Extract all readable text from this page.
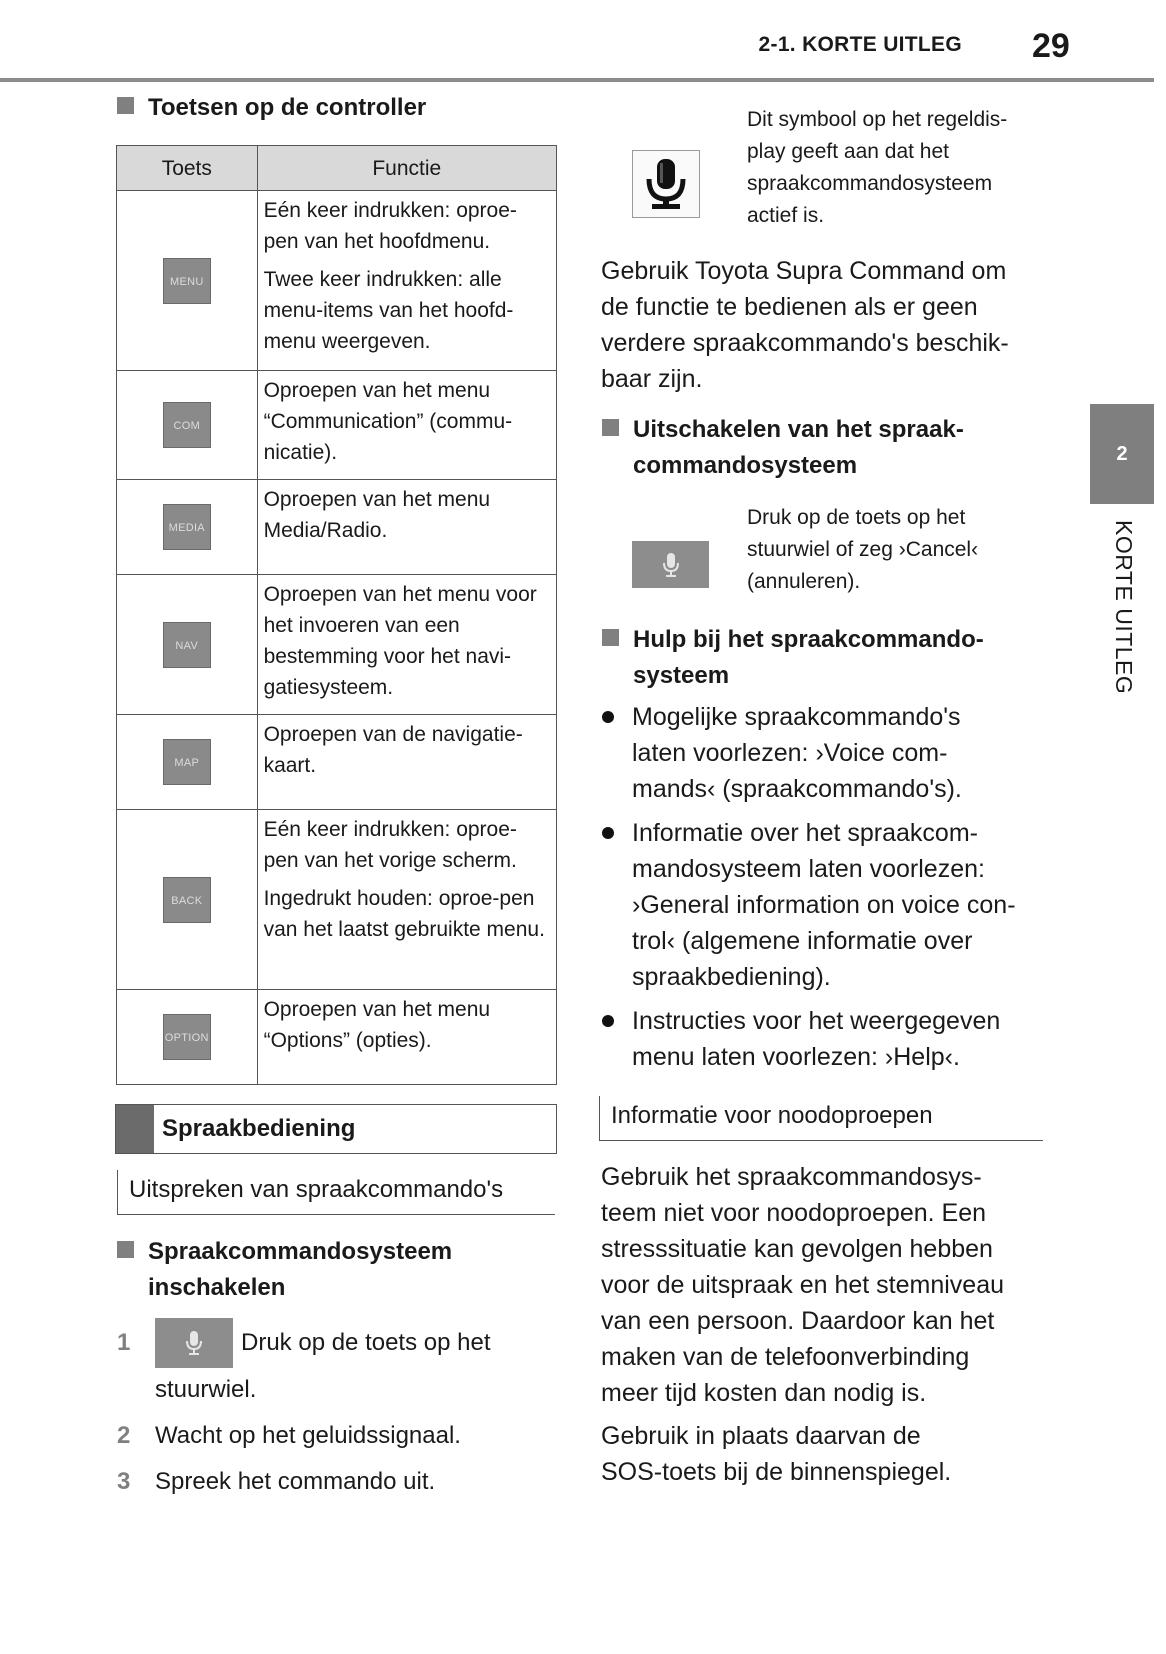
2-1. KORTE UITLEG 29
2
KORTE UITLEG

Toetsen op de controller

Toets	Functie
MENU	Eén keer indrukken: oproe-pen van het hoofdmenu.

Twee keer indrukken: alle menu-items van het hoofd-menu weergeven.

COM	Oproepen van het menu “Communication” (commu-nicatie).

MEDIA	Oproepen van het menu Media/Radio.

NAV	Oproepen van het menu voor het invoeren van een bestemming voor het navi-gatiesysteem.

MAP	Oproepen van de navigatie-kaart.

BACK	Eén keer indrukken: oproe-pen van het vorige scherm.

Ingedrukt houden: oproe-pen van het laatst gebruikte menu.

OPTION	Oproepen van het menu “Options” (opties).

Spraakbediening
Uitspreken van spraakcommando's

Spraakcommandosysteem

inschakelen

1	Druk op de toets op het
stuurwiel.
2 Wacht op het geluidssignaal.
3 Spreek het commando uit.
Dit symbool op het regeldis-
play geeft aan dat het
spraakcommandosysteem
actief is.
Gebruik Toyota Supra Command om
de functie te bedienen als er geen
verdere spraakcommando's beschik-
baar zijn.

Uitschakelen van het spraak-

commandosysteem

Druk op de toets op het
stuurwiel of zeg ›Cancel‹
(annuleren).

Hulp bij het spraakcommando-

systeem

Mogelijke spraakcommando's
laten voorlezen: ›Voice com-
mands‹ (spraakcommando's).
Informatie over het spraakcom-
mandosysteem laten voorlezen:
›General information on voice con-
trol‹ (algemene informatie over
spraakbediening).
Instructies voor het weergegeven
menu laten voorlezen: ›Help‹.
Informatie voor noodoproepen
Gebruik het spraakcommandosys-
teem niet voor noodoproepen. Een
stresssituatie kan gevolgen hebben
voor de uitspraak en het stemniveau
van een persoon. Daardoor kan het
maken van de telefoonverbinding
meer tijd kosten dan nodig is.
Gebruik in plaats daarvan de
SOS-toets bij de binnenspiegel.
